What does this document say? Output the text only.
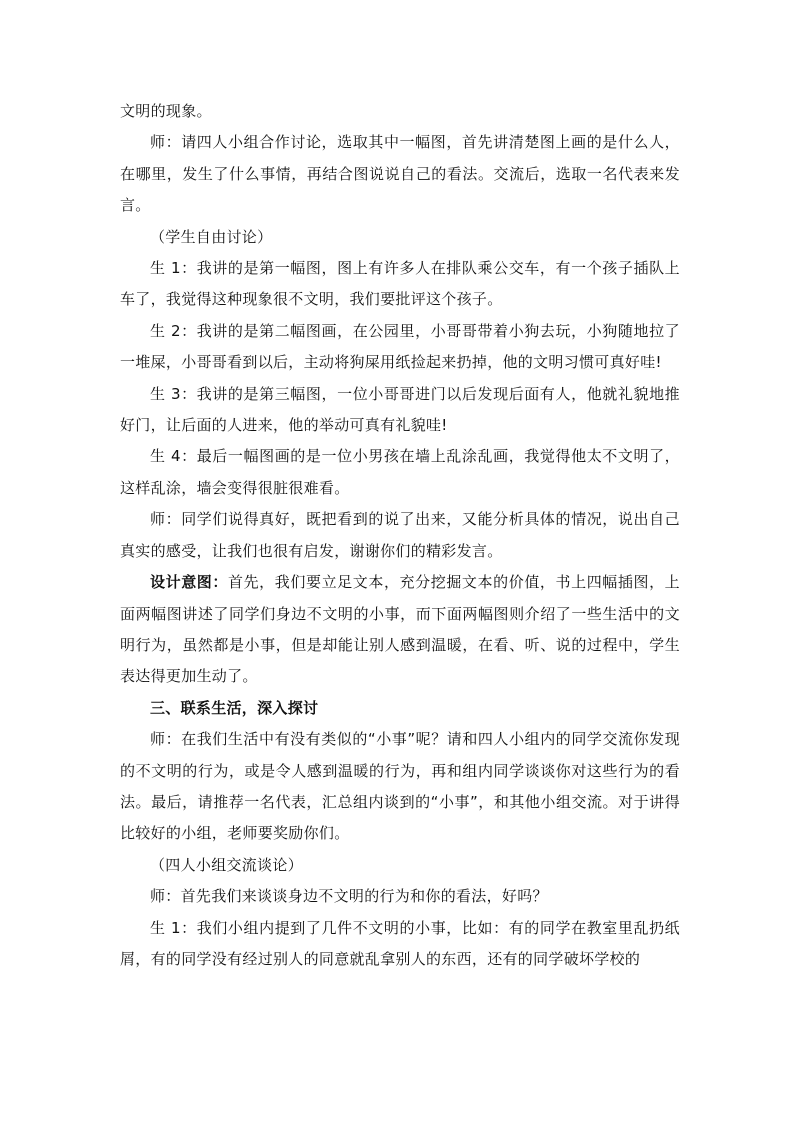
文明的现象。

师：请四人小组合作讨论，选取其中一幅图，首先讲清楚图上画的是什么人，在哪里，发生了什么事情，再结合图说说自己的看法。交流后，选取一名代表来发言。

（学生自由讨论）

生 1：我讲的是第一幅图，图上有许多人在排队乘公交车，有一个孩子插队上车了，我觉得这种现象很不文明，我们要批评这个孩子。

生 2：我讲的是第二幅图画，在公园里，小哥哥带着小狗去玩，小狗随地拉了一堆屎，小哥哥看到以后，主动将狗屎用纸捡起来扔掉，他的文明习惯可真好哇!

生 3：我讲的是第三幅图，一位小哥哥进门以后发现后面有人，他就礼貌地推好门，让后面的人进来，他的举动可真有礼貌哇!

生 4：最后一幅图画的是一位小男孩在墙上乱涂乱画，我觉得他太不文明了，这样乱涂，墙会变得很脏很难看。

师：同学们说得真好，既把看到的说了出来，又能分析具体的情况，说出自己真实的感受，让我们也很有启发，谢谢你们的精彩发言。

设计意图：首先，我们要立足文本，充分挖掘文本的价值，书上四幅插图，上面两幅图讲述了同学们身边不文明的小事，而下面两幅图则介绍了一些生活中的文明行为，虽然都是小事，但是却能让别人感到温暖，在看、听、说的过程中，学生表达得更加生动了。

三、联系生活，深入探讨

师：在我们生活中有没有类似的“小事”呢？请和四人小组内的同学交流你发现的不文明的行为，或是令人感到温暖的行为，再和组内同学谈谈你对这些行为的看法。最后，请推荐一名代表，汇总组内谈到的“小事”，和其他小组交流。对于讲得比较好的小组，老师要奖励你们。

（四人小组交流谈论）

师：首先我们来谈谈身边不文明的行为和你的看法，好吗？

生 1：我们小组内提到了几件不文明的小事，比如：有的同学在教室里乱扔纸屑，有的同学没有经过别人的同意就乱拿别人的东西，还有的同学破坏学校的
